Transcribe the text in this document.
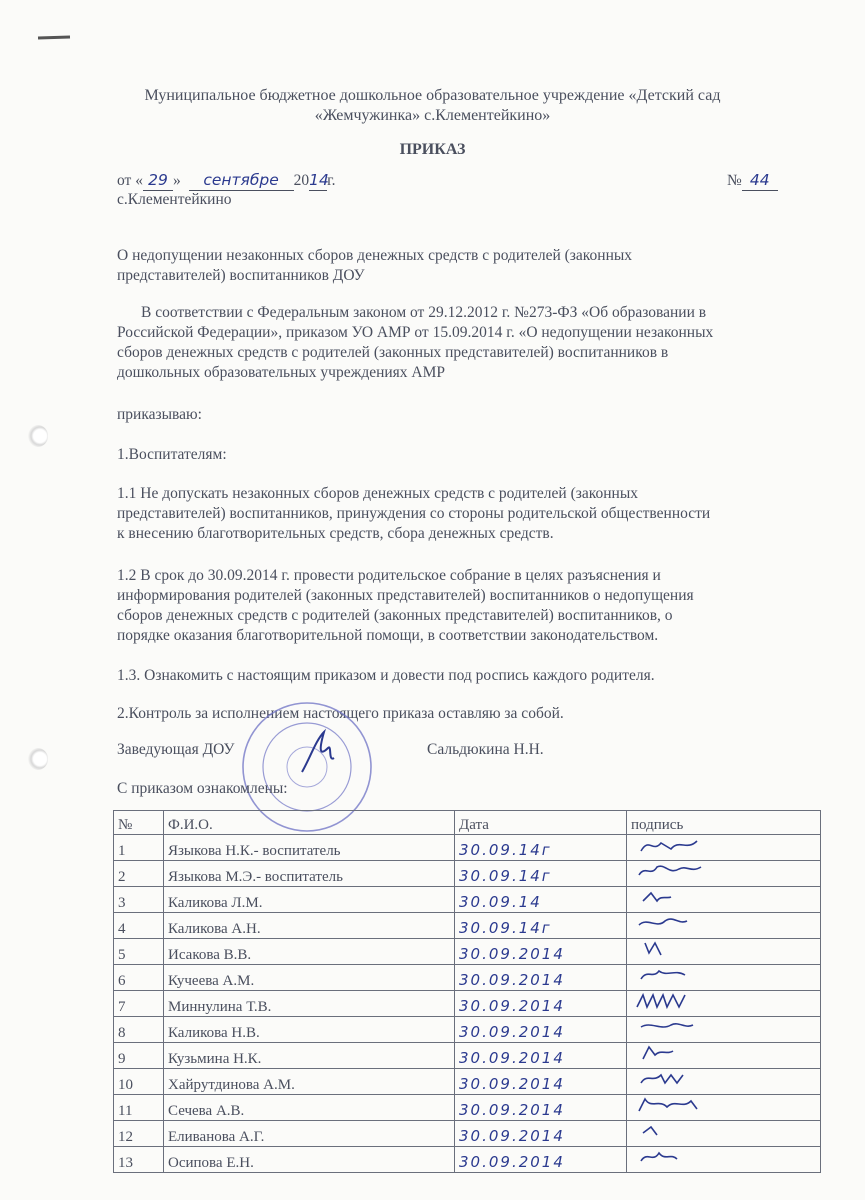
Муниципальное бюджетное дошкольное образовательное учреждение «Детский сад
«Жемчужинка» с.Клементейкино»
ПРИКАЗ
от « 29 » сентябре 2014г.	№ 44
с.Клементейкино
О недопущении незаконных сборов денежных средств с родителей (законных
представителей) воспитанников ДОУ
В соответствии с Федеральным законом от 29.12.2012 г. №273-ФЗ «Об образовании в
Российской Федерации», приказом УО АМР от 15.09.2014 г. «О недопущении незаконных
сборов денежных средств с родителей (законных представителей) воспитанников в
дошкольных образовательных учреждениях АМР
приказываю:
1.Воспитателям:
1.1 Не допускать незаконных сборов денежных средств с родителей (законных
представителей) воспитанников, принуждения со стороны родительской общественности
к внесению благотворительных средств, сбора денежных средств.
1.2 В срок до 30.09.2014 г. провести родительское собрание в целях разъяснения и
информирования родителей (законных представителей) воспитанников о недопущения
сборов денежных средств с родителей (законных представителей) воспитанников, о
порядке оказания благотворительной помощи, в соответствии законодательством.
1.3. Ознакомить с настоящим приказом и довести под роспись каждого родителя.
2.Контроль за исполнением настоящего приказа оставляю за собой.
Заведующая ДОУ	Сальдюкина Н.Н.
С приказом ознакомлены:
№	Ф.И.О.	Дата	подпись
1	Языкова Н.К.- воспитатель	30.09.14г	
2	Языкова М.Э.- воспитатель	30.09.14г	
3	Каликова Л.М.	30.09.14	
4	Каликова А.Н.	30.09.14г	
5	Исакова В.В.	30.09.2014	
6	Кучеева А.М.	30.09.2014	
7	Миннулина Т.В.	30.09.2014	
8	Каликова Н.В.	30.09.2014	
9	Кузьмина Н.К.	30.09.2014	
10	Хайрутдинова А.М.	30.09.2014	
11	Сечева А.В.	30.09.2014	
12	Еливанова А.Г.	30.09.2014	
13	Осипова Е.Н.	30.09.2014	
